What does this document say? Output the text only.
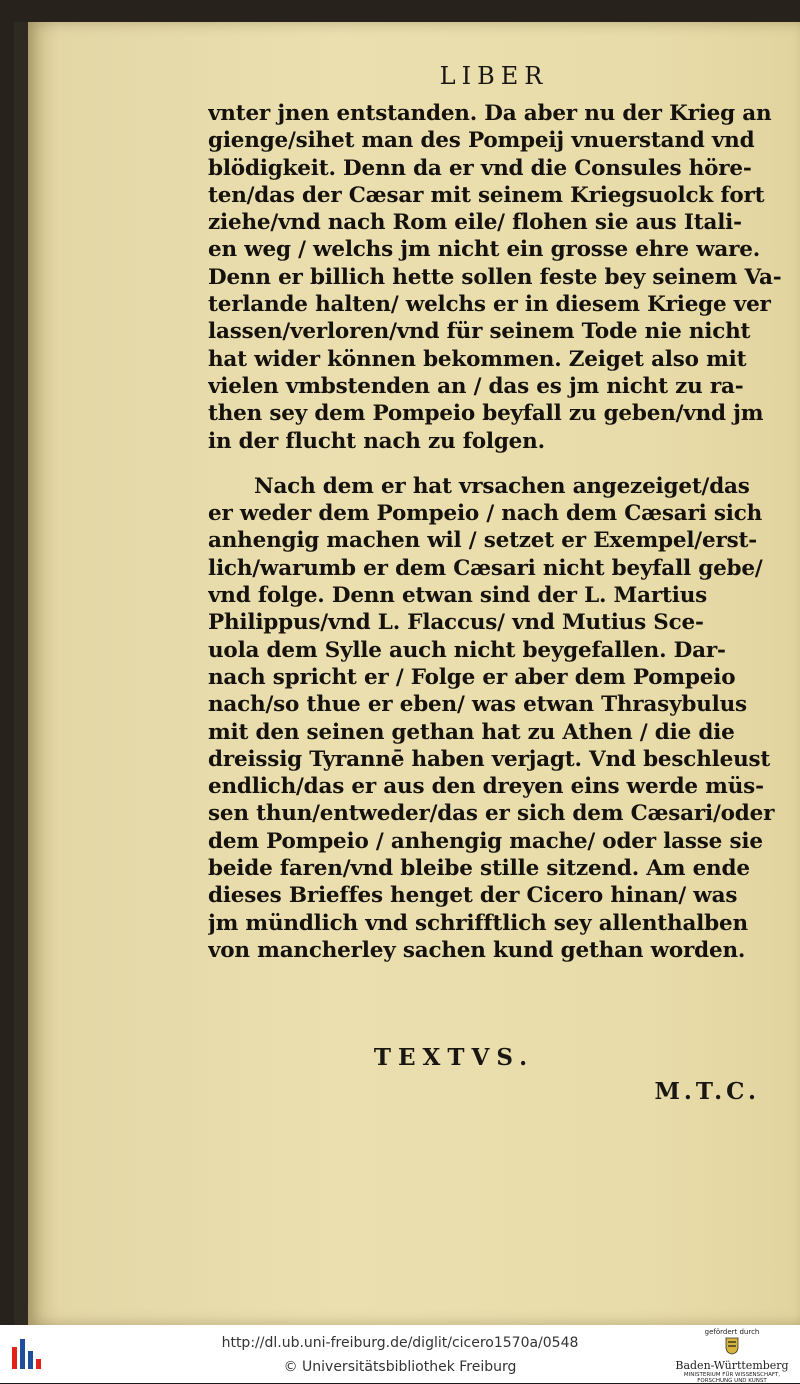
LIBER
vnter jnen entstanden. Da aber nu der Krieg an
gienge/sihet man des Pompeij vnuerstand vnd
blödigkeit. Denn da er vnd die Consules höre-
ten/das der Cæsar mit seinem Kriegsuolck fort
ziehe/vnd nach Rom eile/ flohen sie aus Itali-
en weg / welchs jm nicht ein grosse ehre ware.
Denn er billich hette sollen feste bey seinem Va-
terlande halten/ welchs er in diesem Kriege ver
lassen/verloren/vnd für seinem Tode nie nicht
hat wider können bekommen. Zeiget also mit
vielen vmbstenden an / das es jm nicht zu ra-
then sey dem Pompeio beyfall zu geben/vnd jm
in der flucht nach zu folgen.
Nach dem er hat vrsachen angezeiget/das
er weder dem Pompeio / nach dem Cæsari sich
anhengig machen wil / setzet er Exempel/erst-
lich/warumb er dem Cæsari nicht beyfall gebe/
vnd folge. Denn etwan sind der L. Martius
Philippus/vnd L. Flaccus/ vnd Mutius Sce-
uola dem Sylle auch nicht beygefallen. Dar-
nach spricht er / Folge er aber dem Pompeio
nach/so thue er eben/ was etwan Thrasybulus
mit den seinen gethan hat zu Athen / die die
dreissig Tyrannē haben verjagt. Vnd beschleust
endlich/das er aus den dreyen eins werde müs-
sen thun/entweder/das er sich dem Cæsari/oder
dem Pompeio / anhengig mache/ oder lasse sie
beide faren/vnd bleibe stille sitzend. Am ende
dieses Brieffes henget der Cicero hinan/ was
jm mündlich vnd schrifftlich sey allenthalben
von mancherley sachen kund gethan worden.
TEXTVS.
M.T.C.
http://dl.ub.uni-freiburg.de/diglit/cicero1570a/0548
© Universitätsbibliothek Freiburg
gefördert durch
Baden-Württemberg
MINISTERIUM FÜR WISSENSCHAFT, FORSCHUNG UND KUNST
